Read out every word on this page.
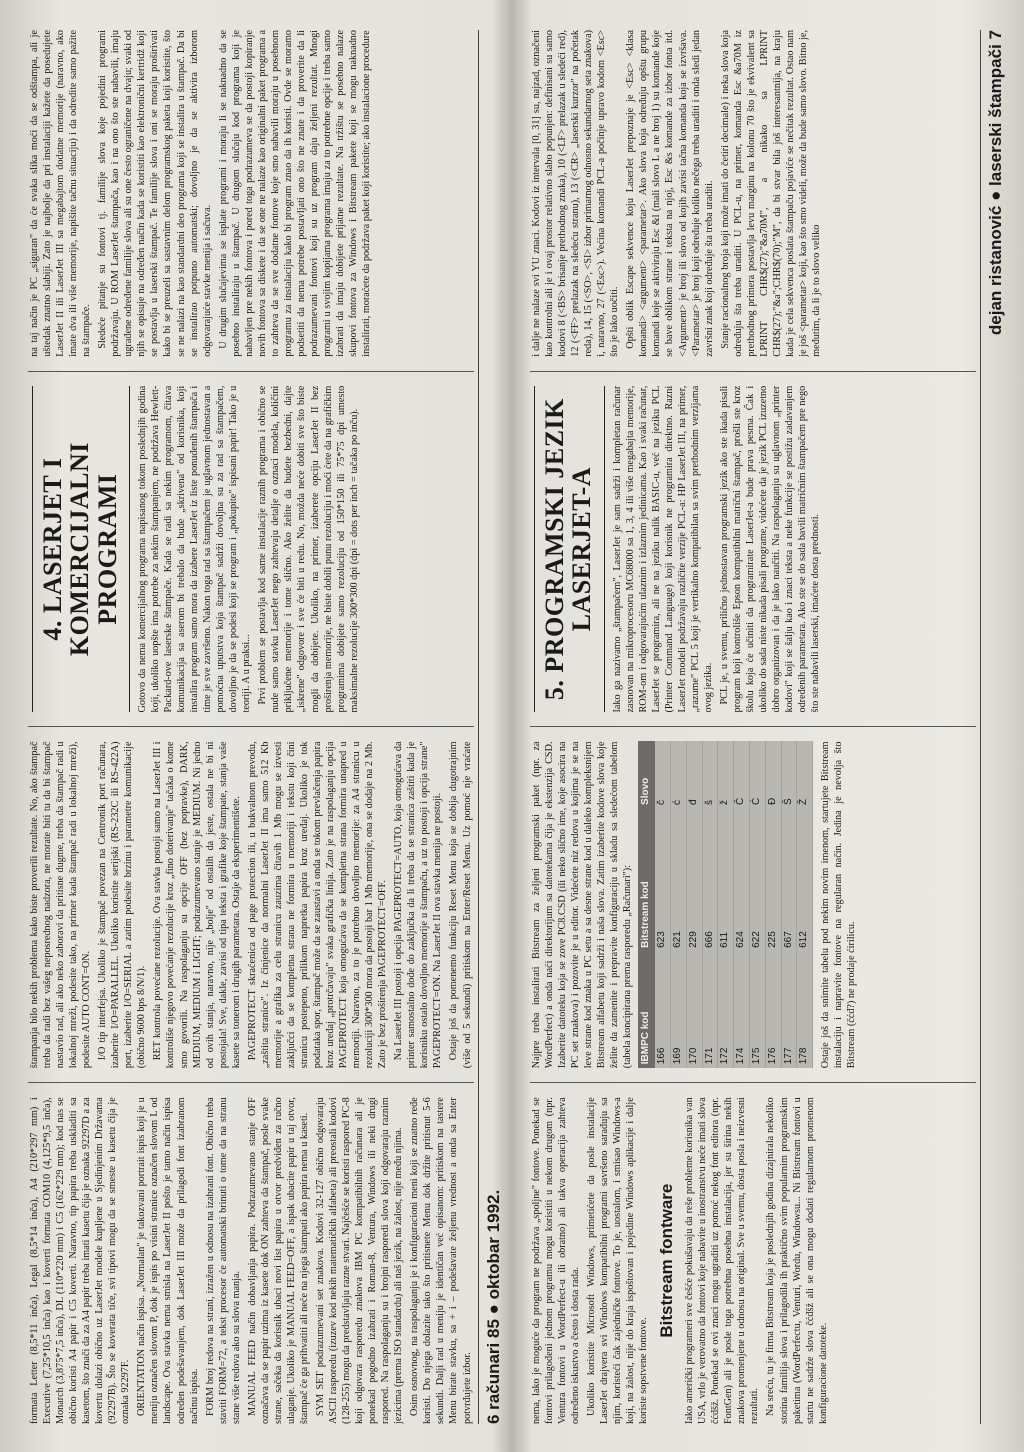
formata Letter (8,5*11 inča), Legal (8,5*14 inča), A4 (210*297 mm) i Executive (7,25*10,5 inča) kao i koverti formata COM10 (4,125*9,5 inča), Monarch (3,875*7,5 inča), DL (110*220 mm) i C5 (162*229 mm); kod nas se obično koristi A4 papir i C5 koverti. Naravno, tip papira treba uskladiti sa kasetom, što znači da za A4 papir treba imati kasetu čija je oznaka 92297D a za kovertu dolazi obično uz LaserJet modele kupljene u Sjedinjenim Državama (92297B). Što se koverata tiče, svi tipovi mogu da se smeste u kasetu čija je oznaka 92297F. ORIENTATION način ispisa. „Normalan" je takozvani portrait ispis koji je u meniju označen slovom P, dok je ispis po visini stranice označen slovom L od landscape. Ova stavka nema smisla na LaserJet II pošto je tamo način ispisa određen podešavanjem, dok LaserJet III može da prilagodi font izabranom načinu ispisa. FORM broj redova na strani, izražen u odnosu na izabrani font. Obično treba staviti FORM=72, a tekst procesor će automatski brinuti o tome da na stranu stane više redova ako su slova manja. MANUAL FEED način dobavljanja papira. Podrazumevano stanje OFF označava da se papir uzima iz kasete dok ON zahteva da štampač, posle svake strane, sačeka da korisnik ubaci novi list papira u otvor predviđen za ručno ulaganje. Ukoliko je MANUAL FEED=OFF, a ispak ubacite papir u taj otvor, štampač će ga prihvatiti ali neće na njega štampati ako papira nema u kaseti. SYM SET podrazumevani set znakova. Kodovi 32-127 obično odgovaraju ASCII rasporedu (izuzev kod nekih matematičkih alfabeta) ali preostali kodovi (128-255) mogu da predstavljaju razne stvari. Najčešće se koristi raspored PC-8 koji odgovara rasporedu znakova IBM PC kompatibilnih računara ali je ponekad pogodno izabrati i Roman-8, Ventura, Windows ili neki drugi raspored. Na raspolaganju su i brojni rasporedi slova koji odgovaraju raznim jezicima (prema ISO standardu) ali naš jezik, na žalost, nije među njima. Osim osnovnog, na raspolaganju je i konfiguracioni meni koji se znatno ređe koristi. Do njega dolazite tako što pritisnete Menu dok držite pritisnut 5-6 sekundi. Dalji rad u meniju je identičan već opisanom: pritiskom na tastere Menu birate stavku, sa + i – podešavate željenu vrednost a onda sa Enter potvrđujete izbor.

štampanja bilo nekih problema kako biste proverili rezultate. No, ako štampač treba da radi bez vašeg neposrednog nadzora, ne morate biti tu da bi štampač nastavio rad, ali ako neko zaboravi da pritisne dugme, treba da štampač radi u lokalnoj mreži, podesite tako, na primer kada štampač radi u lokalnoj mreži), podesite AUTO CONT=ON. I/O tip interfejsa. Ukoliko je štampač povezan na Centronik port računara, izaberite I/O=PARALLEL. Ukoliko koristite serijski (RS-232C ili RS-422A) port, izaberite I/O=SERIAL a zatim podesite brzinu i parametre komunikacije (obično 9600 bps 8/N/1). RET kontrola povećane rezolucije. Ova stavka postoji samo na LaserJet III i kontroliše njegovo povećanje rezolucije kroz „fino doterivanje" tačaka o kome smo govorili. Na raspolaganju su opcije OFF (bez popravke), DARK, MEDIUM, MEDIUM i LIGHT; podrazumevano stanje je MEDIUM. Ni jedno od ovih stanja, naravno, nije „bolje" od ostalih da jeste, ostala ne bi ni postojala! Sve, dakle, zavisi od tipa teksta i grafike koje štampate, stanja vaše kasete sa tonerom i drugih parametara. Ostaje da eksperimentišete. PAGEPROTECT skraćenica od page protection ili, u bukvalnom prevodu, „zaštita stranice". Iz činjenice da normalni LaserJet II ima samo 512 Kb memorije a grafika za celu stranicu zauzima čitavih 1 Mb mogu se izvesti zaključci da se kompletna strana ne formira u memoriji i tekstu koji čini stranicu postepeno, prilikom napretka papira kroz uređaj. Ukoliko je tok podataka spor, štampač može da se zaustavi a onda se tokom prevlačenja papira kroz uređaj „protrčavaju" svaka grafička linija. Zato je na raspolaganju opcija PAGEPROTECT koja omogućava da se kompletna strana formira unapred u memoriji. Naravno, za to je potrebno dovoljno memorije: za A4 stranicu u rezoluciji 300*300 mora da postoji bar 1 Mb memorije, ona se dodaje na 2 Mb. Zato je bez proširenja PAGEPROTECT=OFF. Na LaserJet III postoji i opcija PAGEPROTECT=AUTO, koja omogućava da printer samostalno dođe do zaključka da li treba da se stranica zaštiti kada je korisniku ostalo dovoljno memorije u štampaču, a uz to postoji i opcija strane" PAGEPROTECT=ON. Na LaserJet II ova stavka menija ne postoji. Ostaje još da pomenemo funkciju Reset Menu koja se dobija dugotrajnim (više od 5 sekundi) pritiskom na Enter/Reset Menu. Uz pomoć nje vraćate

4. LASERJET I KOMERCIJALNI PROGRAMI Gotovo da nema komercijalnog programa napisanog tokom poslednjih godina koji, ukoliko uopšte ima potrebe za nekim štampanjem, ne podržava Hewlett-Packard-ove laserske štampače. Kada se radi sa nekim programom, čitava komunikacija sa aserom bi trebalo da bude „skrivena" od korisnika, koji instalira program samo mora da izabere LaserJet iz liste ponuđenih štampača i time je sve završeno. Nakon toga rad sa štampačem je uglavnom jednostavan a pomoćna uputstva koja štampač sadrži dovoljna su za rad sa štampačem, dovoljno je da se podesi koji se program i „pokupite" ispisani papir! Tako je u teoriji. A u praksi... Prvi problem se postavlja kod same instalacije raznih programa i obično se nude samo stavku LaserJet nego zahtevaju detalje o oznaci modela, količini priključene memorije i tome slično. Ako želite da budete bezbedni, dajte „iskrene" odgovore i sve će biti u redu. No, možda neće dobiti sve što biste mogli da dobijete. Ukoliko, na primer, izaberete opciju LaserJet II bez proširenja memorije, ne biste dobili punu rezoluciju i moći ćete da na grafičkim programima dobijete samo rezoluciju od 150*150 ili 75*75 dpi umesto maksimalne rezolucije 300*300 dpi (dpi = dots per inch = tačaka po inču).

na taj način je PC „siguran" da će svaka slika moći da se odštampa, ali je uštedak znatno slabiji. Zato je najbolje da pri instalaciji kažete da posedujete LaserJet II ili LaserJet III sa megabajtom dodatne memorije (naravno, ako imate dva ili više memorije, napišite tačnu situaciju) i da odredite samo pažite na štampače. Sledeće pitanje su fontovi tj. familije slova koje pojedini programi podržavaju. U ROM LaserJet štampača, kao i na ono što ste nabavili, imaju ugrađene određene familije slova ali su one često ograničene na dvaju; svaki od njih se opisuje na određen način kada se koristiti kao elektronični kertridž koji se postavlja u laserski štampač. Te familije slova i oni se moraju proširivati kako bi se preuzeli sa sastavnim delom programskog paketa koji koristite, što se ne nalazi na kao standardni deo programa koji se instalira u štampač. Da bi se instalirao potpuno automatski; dovoljno je da se aktivira izborom odgovarajuće stavke menija i sačuva. U drugim slučajevima se isplate programi i moraju li se naknadno da se posebno instaliraju u štampač. U drugom slučaju kod programa koji je nabavljen pre nekih fontova i pored toga podrazumeva se da postoji kopiranje novih fontova sa diskete i da se one ne nalaze kao originalni paket programa a to zahteva da se sve dodatne fontove koje smo nabavili moraju u posebnom programu za instalaciju kako bi program znao da ih koristi. Ovde se moramo podsetiti da nema potrebe postavljati ono što ne znate i da proverite da li podrazumevani fontovi koji su uz program daju željeni rezultat. Mnogi programi u svojim kopijama programa imaju za to potrebne opcije i treba samo izabrati da imaju dobijete prijatne rezultate. Na tržištu se posebno nalaze skupovi fontova za Windows i Bitstream pakete koji se mogu naknadno instalirati, moraćete da podržava paket koji koristite; ako instalacione procedure

6 računari 85 ● oktobar 1992.	nema, lako je moguće da program ne podržava „spoljne" fontove. Ponekad se fontovi prilagođeni jednom programu mogu koristiti u nekom drugom (npr. Ventura fontovi u WordPerfect-u ili obratno) ali takva operacija zahteva određeno iskustvo a često i dosta rada. Ukoliko koristite Microsoft Windows, primetićete da posle instalacije LaserJet drajvera svi Windows kompatibilni programi savršeno sarađuju sa njim, koristeći čak zajedničke fontove. To je, uostalom, i smisao Windows-a koji, na žalost, nije do kraja ispoštovan i pojedine Windows aplikacije i dalje koriste sopstvene fontove.

Bitstream fontware Iako američki programeri sve češće pokušavaju da reše probleme korisnika van USA, vrlo je verovatno da fontovi koje nabavite u inostranstvu neće imati slova čćđšž. Ponekad se ovi znaci mogu ugraditi uz pomoć nekog font editora (npr. FontGen) ali je posle toga potrebna posebna instalacija, jer su širina nekih znakova promenjene u odnosu na original. Sve u svemu, dosta posla i neizvesni rezultati. Na sreću, tu je firma Bitstream koja je poslednjih godina dizajnirala nekoliko stotina familija slova i prilagodila ih praktično svim popularnim programskim paketima (WordPerfectu, Venturi, Wordu, Windowsu... Ni Bitstream fontovi u startu ne sadrže slova čćđšž ali se ona mogu dodati regularnom promenom konfiguracione datoteke.

Najpre treba instalirati Bitstream za željeni programski paket (npr. za WordPerfect) a onda naći direktorijum sa datotekama čija je ekstenzija CSD. Izaberite datoteku koja se zove PC8.CSD (ili neko slično ime, koje asocira na PC set znakova) i pozovite je u editor. Videćete niz redova u kojima je se na leve strane kod znaka u PC setu a sa desne strane kod u daleko kompleksnijem Bitstream alfabetu koji sadrži i naša slova. Zatim izaberite kodove slova koje želite da zamenite i prepravite konfiguraciju u skladu sa sledećom tabelom (tabela koncipirana prema rasporedu „Računari"): IBMPC kod	Bitstream kod	Slovo
166	623	č
169	621	ć
170	229	đ
171	666	š
172	611	ž
174	624	Č
175	622	Ć
176	225	Đ
177	667	Š
178	612	Ž Ostaje još da snimite tabelu pod nekim novim imenom, startujete Bitstream instalaciju i napravite fontove na regularan način. Jedina je nevolja što Bitstream (čćđ?) ne prodaje ćirilicu.

5. PROGRAMSKI JEZIK LASERJET-A Iako ga nazivamo „štampačem", LaserJet je sam sadrži i kompletan računar zasnovan na mikroprocesoru MC68000 sa 1, 3, 4 ili više megabajta memorije, ROM-om i odgovarajućim ulaznim i izlaznim jedinicama. Kao i svaki računar, LaserJet se programira, ali ne na jeziku nalik BASIC-u, već na jeziku PCL (Printer Command Language) koji korisnik ne programira direktno. Razni LaserJet modeli podržavaju različite verzije PCL-a: HP LaserJet III, na primer, „razume" PCL 5 koji je vertikalno kompatibilan sa svim prethodnim verzijama ovog jezika. PCL je, u svemu, prilično jednostavan programski jezik ako ste ikada pisali program koji kontroliše Epson kompatibilni matrični štampač, prošli ste kroz školu koja će učiniti da programirate LaserJet-a bude prava pesma. Čak i ukoliko do sada niste nikada pisali programe, videćete da je jezik PCL izuzetno dobro organizovan i da je lako naučiti. Na raspolaganju su uglavnom „printer kodovi" koji se šalju kao i znaci teksta a neke funkcije se postižu zadavanjem određenih parametara. Ako ste se do sada bavili matričnim štampačem pre nego što ste nabavili laserski, imaćete dosta prednosti.

i dalje ne nalaze svi YU znaci. Kodovi iz intervala [0, 31] su, najzad, označeni kao kontrolni ali je i ovaj prostor relativno slabo popunjen: definisani su samo kodovi 8 (<BS> brisanje prethodnog znaka), 10 (<LF> prelazak u sledeći red), 12 (<FF> prelazak na sledeću stranu), 13 (<CR> „laserski kurzor" na početak reda), 14, 15 (<SO>, <SI> izbor primarnog odnosno sekundarnog seta znakova) i, naravno, 27 (<Esc>). Većina komandi PCL-a počinje upravo kodom <Esc> što je lako uočiti. Opšti oblik Escape sekvence koju LaserJet prepoznaje je <Esc> <klasa komandi> <argument> <parametar>. Ako slova koja određuju opštu grupu komandi koje se aktiviraju Esc &l (mali slovo L a ne broj 1) su komande koje se bave oblikom strane i teksta na njoj, Esc &s komande za izbor fonta itd. <Argument> je broj ili slovo od kojih zavisi tačna komanda koja se izvršava. <Parametar> je broj koji određuje koliko nečega treba uraditi i onda sledi jedan završni znak koji određuje šta treba uraditi. Stanje racionalnog broja koji može imati do četiri decimale) i neka slova koja određuju šta treba uraditi. U PCL-u, na primer, komanda Esc &a70M iz prethodnog primera postavlja levu marginu na kolonu 70 što je ekvivalent sa LPRINT CHR$(27);"&a70M", a nikako sa LPRINT CHR$(27);"&a";CHR$(70);"M", da bi stvar bila još interesantnija, na kraju kada je cela sekvenca poslata štampaču pojaviće se nečitak rezultat. Ostao nam je još <parametar> koji, kao što smo videli, može da bude samo slovo. Bitno je, međutim, da li je to slovo veliko	dejan ristanović ● laserski štampači 7
